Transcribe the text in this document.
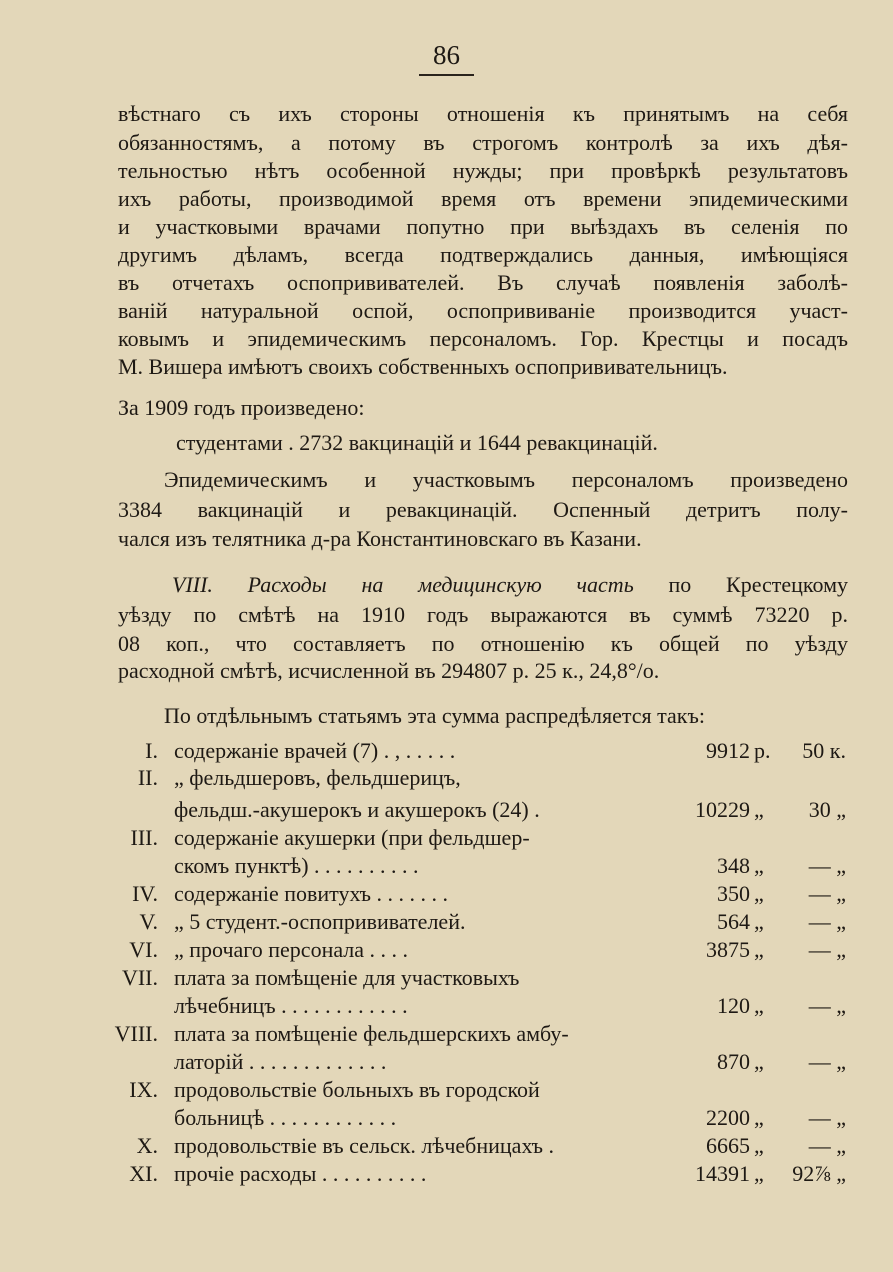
86
вѣстнаго съ ихъ стороны отношенія къ принятымъ на себя
обязанностямъ, а потому въ строгомъ контролѣ за ихъ дѣя-
тельностью нѣтъ особенной нужды; при провѣркѣ результатовъ
ихъ работы, производимой время отъ времени эпидемическими
и участковыми врачами попутно при выѣздахъ въ селенія по
другимъ дѣламъ, всегда подтверждались данныя, имѣющіяся
въ отчетахъ оспопрививателей. Въ случаѣ появленія заболѣ-
ваній натуральной оспой, оспопрививаніе производится участ-
ковымъ и эпидемическимъ персоналомъ. Гор. Крестцы и посадъ
М. Вишера имѣютъ своихъ собственныхъ оспопрививательницъ.
За 1909 годъ произведено:
студентами . 2732 вакцинацій и 1644 ревакцинацій.
Эпидемическимъ и участковымъ персоналомъ произведено
3384 вакцинацій и ревакцинацій. Оспенный детритъ полу-
чался изъ телятника д-ра Константиновскаго въ Казани.
VIII. Расходы на медицинскую часть по Крестецкому
уѣзду по смѣтѣ на 1910 годъ выражаются въ суммѣ 73220 р.
08 коп., что составляетъ по отношенію къ общей по уѣзду
расходной смѣтѣ, исчисленной въ 294807 р. 25 к., 24,8°/о.
По отдѣльнымъ статьямъ эта сумма распредѣляется такъ:
I. содержаніе врачей (7) . , . . . . .	9912 р. 50 к.
II. „ фельдшеровъ, фельдшерицъ,
фельдш.-акушерокъ и акушерокъ (24) .	10229 „ 30 „
III. содержаніе акушерки (при фельдшер-
скомъ пунктѣ) . . . . . . . . . .	348 „ — „
IV. содержаніе повитухъ . . . . . . .	350 „ — „
V. „ 5 студент.-оспопрививателей.	564 „ — „
VI. „ прочаго персонала . . . .	3875 „ — „
VII. плата за помѣщеніе для участковыхъ
лѣчебницъ . . . . . . . . . . . .	120 „ — „
VIII. плата за помѣщеніе фельдшерскихъ амбу-
латорій . . . . . . . . . . . . .	870 „ — „
IX. продовольствіе больныхъ въ городской
больницѣ . . . . . . . . . . . .	2200 „ — „
X. продовольствіе въ сельск. лѣчебницахъ .	6665 „ — „
XI. прочіе расходы . . . . . . . . . .	14391 „ 92⅞ „
